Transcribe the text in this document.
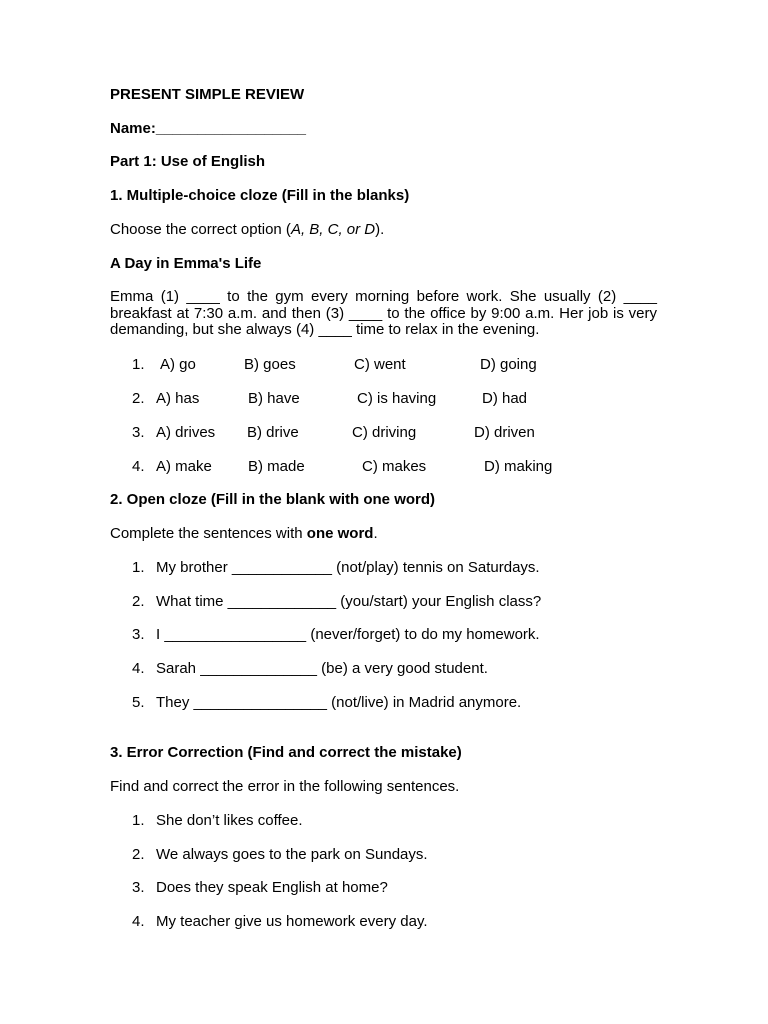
PRESENT SIMPLE REVIEW
Name:__________________
Part 1: Use of English
1. Multiple-choice cloze (Fill in the blanks)
Choose the correct option (A, B, C, or D).
A Day in Emma's Life
Emma (1) ____ to the gym every morning before work. She usually (2) ____ breakfast at 7:30 a.m. and then (3) ____ to the office by 9:00 a.m. Her job is very demanding, but she always (4) ____ time to relax in the evening.
1. A) go	B) goes	C) went	D) going
2. A) has	B) have	C) is having	D) had
3. A) drives B) drive	C) driving	D) driven
4. A) make B) made	C) makes	D) making
2. Open cloze (Fill in the blank with one word)
Complete the sentences with one word.
1. My brother ____________ (not/play) tennis on Saturdays.
2. What time _____________ (you/start) your English class?
3. I _________________ (never/forget) to do my homework.
4. Sarah ______________ (be) a very good student.
5. They ________________ (not/live) in Madrid anymore.
3. Error Correction (Find and correct the mistake)
Find and correct the error in the following sentences.
1. She don’t likes coffee.
2. We always goes to the park on Sundays.
3. Does they speak English at home?
4. My teacher give us homework every day.
